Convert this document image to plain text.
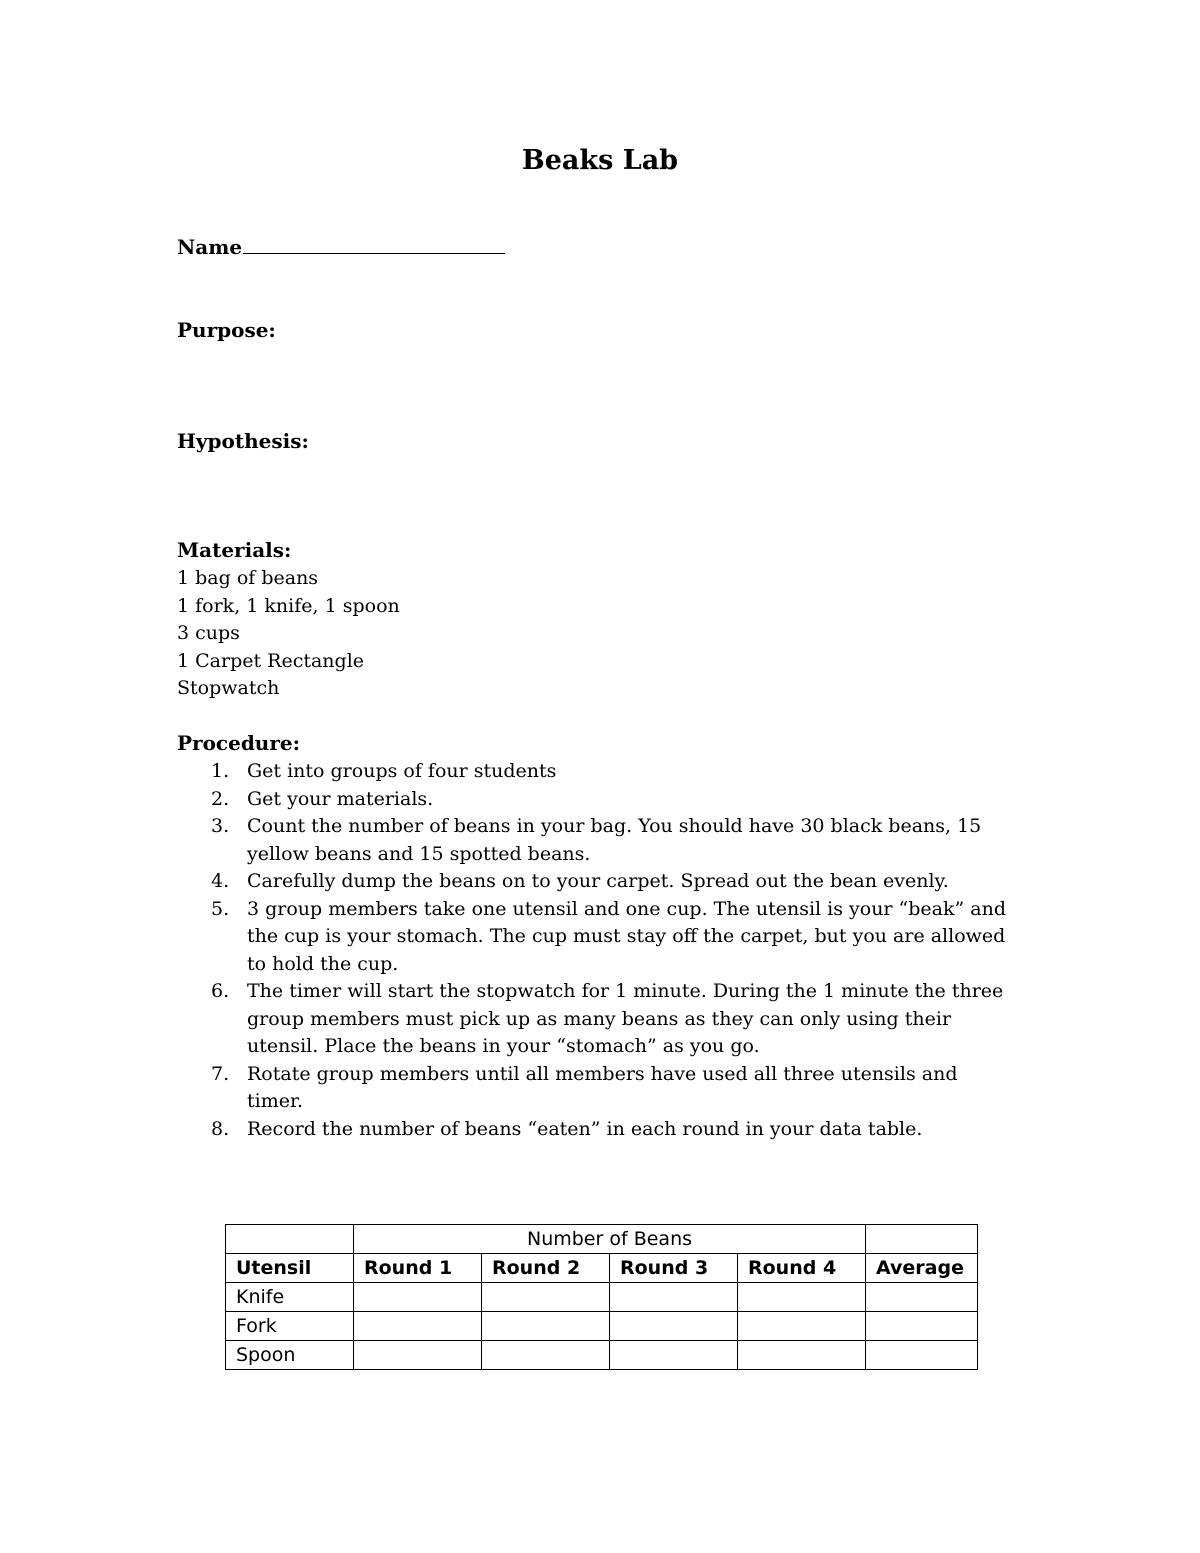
Beaks Lab
Name
Purpose:
Hypothesis:
Materials:
1 bag of beans
1 fork, 1 knife, 1 spoon
3 cups
1 Carpet Rectangle
Stopwatch
Procedure:
1. Get into groups of four students
2. Get your materials.
3. Count the number of beans in your bag. You should have 30 black beans, 15 yellow beans and 15 spotted beans.
4. Carefully dump the beans on to your carpet. Spread out the bean evenly.
5. 3 group members take one utensil and one cup. The utensil is your “beak” and the cup is your stomach. The cup must stay off the carpet, but you are allowed to hold the cup.
6. The timer will start the stopwatch for 1 minute. During the 1 minute the three group members must pick up as many beans as they can only using their utensil. Place the beans in your “stomach” as you go.
7. Rotate group members until all members have used all three utensils and timer.
8. Record the number of beans “eaten” in each round in your data table.
	Number of Beans				
Utensil	Round 1	Round 2	Round 3	Round 4	Average
Knife					
Fork					
Spoon					
